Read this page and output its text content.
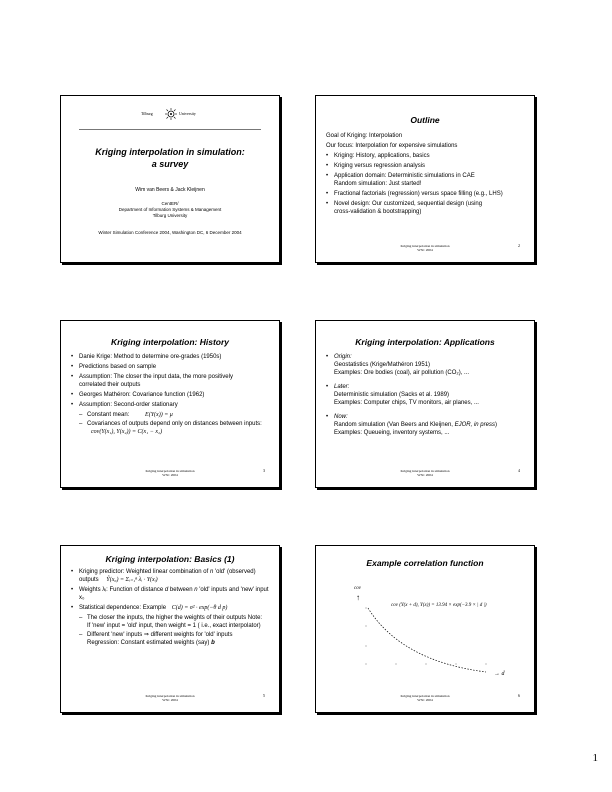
Tilburg	University
Kriging interpolation in simulation:
a survey
Wim van Beers & Jack Kleijnen
CentER/
Department of Information Systems & Management
Tilburg University
Winter Simulation Conference 2004, Washington DC, 6 December 2004
Outline
Goal of Kriging: Interpolation
Our focus: Interpolation for expensive simulations
• Kriging: History, applications, basics
• Kriging versus regression analysis
• Application domain: Deterministic simulations in CAE Random simulation: Just started!
• Fractional factorials (regression) versus space filling (e.g., LHS)
• Novel design: Our customized, sequential design (using cross-validation & bootstrapping)
Kriging interpolation in simulation
WSC 2004
2
Kriging interpolation: History
• Danie Krige: Method to determine ore-grades (1950s)
• Predictions based on sample
• Assumption: The closer the input data, the more positively correlated their outputs
• Georges Mathéron: Covariance function (1962)
• Assumption: Second-order stationary
– Constant mean:	E(Y(x)) = μ
– Covariances of outputs depend only on distances between inputs: cov(Y(x₁), Y(x₂)) = C(x₁ − x₂)
Kriging interpolation in simulation
WSC 2004
3
Kriging interpolation: Applications
• Origin:
Geostatistics (Krige/Mathéron 1951)
Examples: Ore bodies (coal), air pollution (CO₂), ...
• Later:
Deterministic simulation (Sacks et al. 1989)
Examples: Computer chips, TV monitors, air planes, ...
• Now:
Random simulation (Van Beers and Kleijnen, EJOR, in press)
Examples: Queueing, inventory systems, ...
Kriging interpolation in simulation
WSC 2004
4
Kriging interpolation: Basics (1)
• Kriging predictor: Weighted linear combination of n 'old' (observed) outputs Ŷ(x₀) = Σᵢ₌₁ⁿ λᵢ · Y(xᵢ)
• Weights λᵢ: Function of distance d between n 'old' inputs and 'new' input x₀
• Statistical dependence: Example C(d) = σ² · exp(−θ d p)
– The closer the inputs, the higher the weights of their outputs Note: If 'new' input = 'old' input, then weight = 1 ( i.e., exact interpolator)
– Different 'new' inputs ⇒ different weights for 'old' inputs Regression: Constant estimated weights (say) b
Kriging interpolation in simulation
WSC 2004
5
Example correlation function
cov
↑
cov (Y(x + d), Y(x)) = 13.94 × exp(−3.9 × | d |)
→ d
Kriging interpolation in simulation
WSC 2004
6
1
